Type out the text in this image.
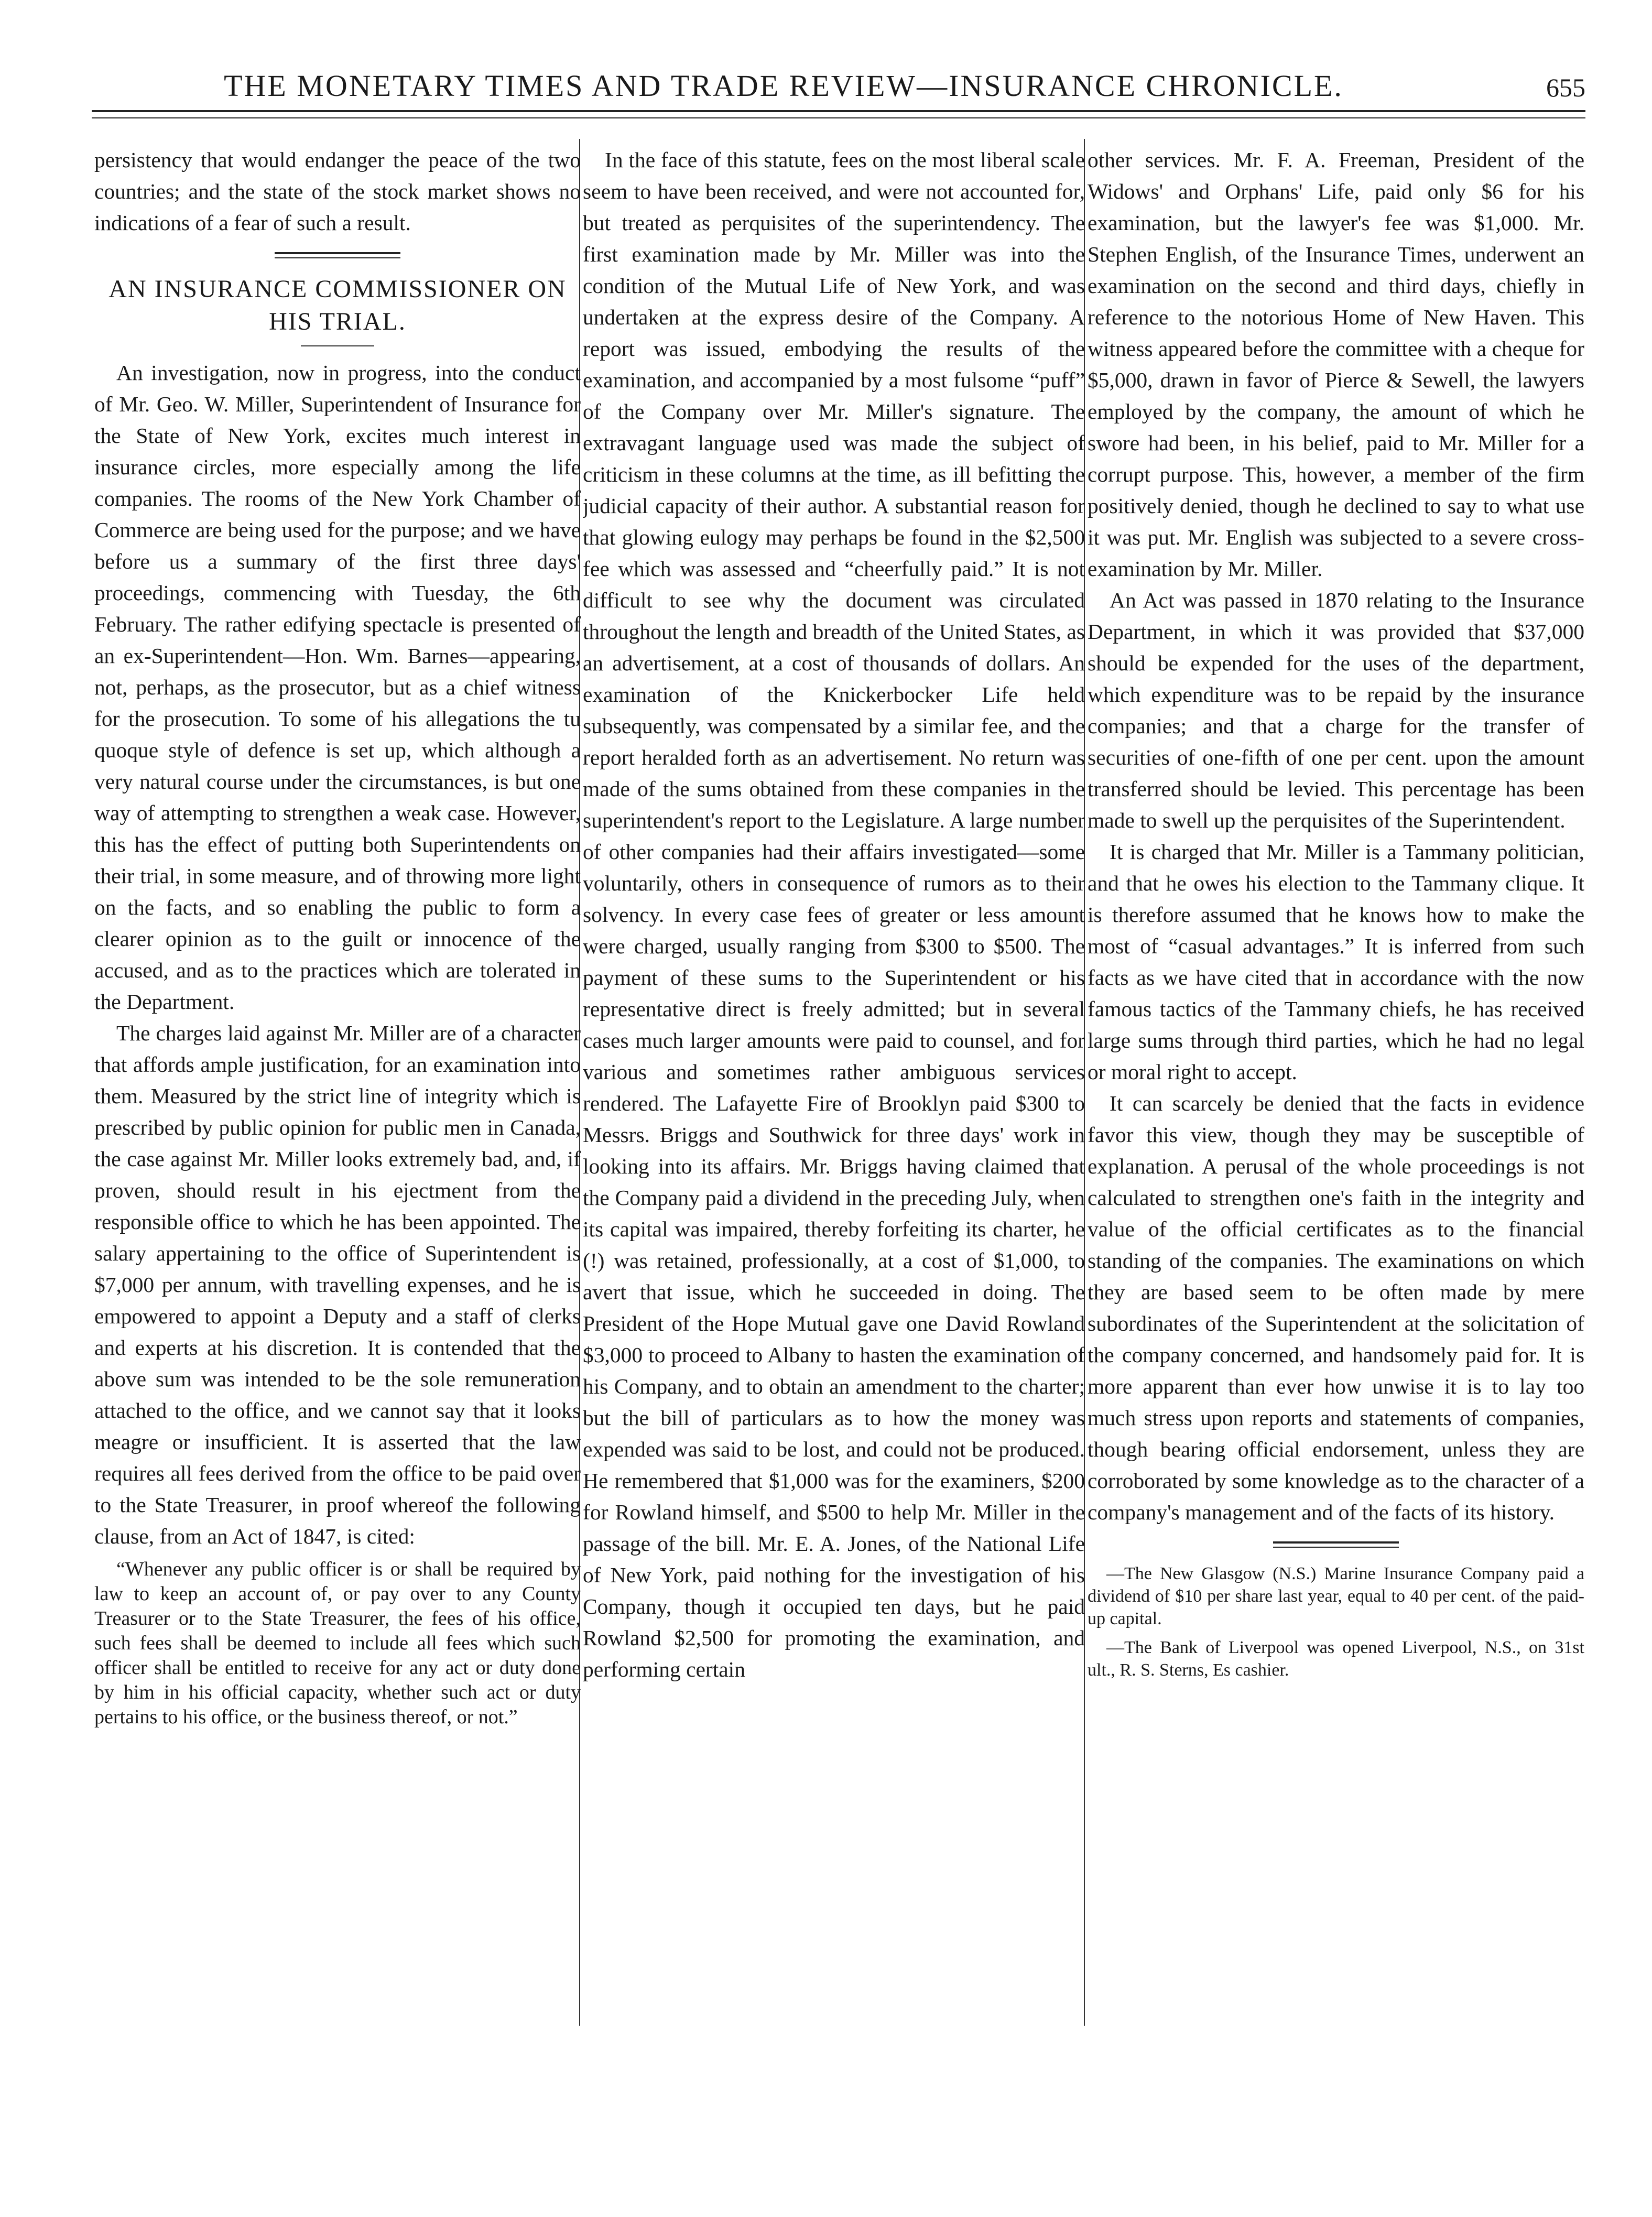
THE MONETARY TIMES AND TRADE REVIEW—INSURANCE CHRONICLE.	655

persistency that would endanger the peace of the two countries; and the state of the stock market shows no indications of a fear of such a result.

AN INSURANCE COMMISSIONER ON HIS TRIAL.

An investigation, now in progress, into the conduct of Mr. Geo. W. Miller, Superintendent of Insurance for the State of New York, excites much interest in insurance circles, more especially among the life companies. The rooms of the New York Chamber of Commerce are being used for the purpose; and we have before us a summary of the first three days' proceedings, commencing with Tuesday, the 6th February. The rather edifying spectacle is presented of an ex-Superintendent—Hon. Wm. Barnes—appearing, not, perhaps, as the prosecutor, but as a chief witness for the prosecution. To some of his allegations the tu quoque style of defence is set up, which although a very natural course under the circumstances, is but one way of attempting to strengthen a weak case. However, this has the effect of putting both Superintendents on their trial, in some measure, and of throwing more light on the facts, and so enabling the public to form a clearer opinion as to the guilt or innocence of the accused, and as to the practices which are tolerated in the Department.

The charges laid against Mr. Miller are of a character that affords ample justification, for an examination into them. Measured by the strict line of integrity which is prescribed by public opinion for public men in Canada, the case against Mr. Miller looks extremely bad, and, if proven, should result in his ejectment from the responsible office to which he has been appointed. The salary appertaining to the office of Superintendent is $7,000 per annum, with travelling expenses, and he is empowered to appoint a Deputy and a staff of clerks and experts at his discretion. It is contended that the above sum was intended to be the sole remuneration attached to the office, and we cannot say that it looks meagre or insufficient. It is asserted that the law requires all fees derived from the office to be paid over to the State Treasurer, in proof whereof the following clause, from an Act of 1847, is cited:

“Whenever any public officer is or shall be required by law to keep an account of, or pay over to any County Treasurer or to the State Treasurer, the fees of his office, such fees shall be deemed to include all fees which such officer shall be entitled to receive for any act or duty done by him in his official capacity, whether such act or duty pertains to his office, or the business thereof, or not.”

In the face of this statute, fees on the most liberal scale seem to have been received, and were not accounted for, but treated as perquisites of the superintendency. The first examination made by Mr. Miller was into the condition of the Mutual Life of New York, and was undertaken at the express desire of the Company. A report was issued, embodying the results of the examination, and accompanied by a most fulsome “puff” of the Company over Mr. Miller's signature. The extravagant language used was made the subject of criticism in these columns at the time, as ill befitting the judicial capacity of their author. A substantial reason for that glowing eulogy may perhaps be found in the $2,500 fee which was assessed and “cheerfully paid.” It is not difficult to see why the document was circulated throughout the length and breadth of the United States, as an advertisement, at a cost of thousands of dollars. An examination of the Knickerbocker Life held subsequently, was compensated by a similar fee, and the report heralded forth as an advertisement. No return was made of the sums obtained from these companies in the superintendent's report to the Legislature. A large number of other companies had their affairs investigated—some voluntarily, others in consequence of rumors as to their solvency. In every case fees of greater or less amount were charged, usually ranging from $300 to $500. The payment of these sums to the Superintendent or his representative direct is freely admitted; but in several cases much larger amounts were paid to counsel, and for various and sometimes rather ambiguous services rendered. The Lafayette Fire of Brooklyn paid $300 to Messrs. Briggs and Southwick for three days' work in looking into its affairs. Mr. Briggs having claimed that the Company paid a dividend in the preceding July, when its capital was impaired, thereby forfeiting its charter, he (!) was retained, professionally, at a cost of $1,000, to avert that issue, which he succeeded in doing. The President of the Hope Mutual gave one David Rowland $3,000 to proceed to Albany to hasten the examination of his Company, and to obtain an amendment to the charter; but the bill of particulars as to how the money was expended was said to be lost, and could not be produced. He remembered that $1,000 was for the examiners, $200 for Rowland himself, and $500 to help Mr. Miller in the passage of the bill. Mr. E. A. Jones, of the National Life of New York, paid nothing for the investigation of his Company, though it occupied ten days, but he paid Rowland $2,500 for promoting the examination, and performing certain

other services. Mr. F. A. Freeman, President of the Widows' and Orphans' Life, paid only $6 for his examination, but the lawyer's fee was $1,000. Mr. Stephen English, of the Insurance Times, underwent an examination on the second and third days, chiefly in reference to the notorious Home of New Haven. This witness appeared before the committee with a cheque for $5,000, drawn in favor of Pierce & Sewell, the lawyers employed by the company, the amount of which he swore had been, in his belief, paid to Mr. Miller for a corrupt purpose. This, however, a member of the firm positively denied, though he declined to say to what use it was put. Mr. English was subjected to a severe cross-examination by Mr. Miller.

An Act was passed in 1870 relating to the Insurance Department, in which it was provided that $37,000 should be expended for the uses of the department, which expenditure was to be repaid by the insurance companies; and that a charge for the transfer of securities of one-fifth of one per cent. upon the amount transferred should be levied. This percentage has been made to swell up the perquisites of the Superintendent.

It is charged that Mr. Miller is a Tammany politician, and that he owes his election to the Tammany clique. It is therefore assumed that he knows how to make the most of “casual advantages.” It is inferred from such facts as we have cited that in accordance with the now famous tactics of the Tammany chiefs, he has received large sums through third parties, which he had no legal or moral right to accept.

It can scarcely be denied that the facts in evidence favor this view, though they may be susceptible of explanation. A perusal of the whole proceedings is not calculated to strengthen one's faith in the integrity and value of the official certificates as to the financial standing of the companies. The examinations on which they are based seem to be often made by mere subordinates of the Superintendent at the solicitation of the company concerned, and handsomely paid for. It is more apparent than ever how unwise it is to lay too much stress upon reports and statements of companies, though bearing official endorsement, unless they are corroborated by some knowledge as to the character of a company's management and of the facts of its history.

—The New Glasgow (N.S.) Marine Insurance Company paid a dividend of $10 per share last year, equal to 40 per cent. of the paid-up capital.

—The Bank of Liverpool was opened Liverpool, N.S., on 31st ult., R. S. Sterns, Es cashier.
